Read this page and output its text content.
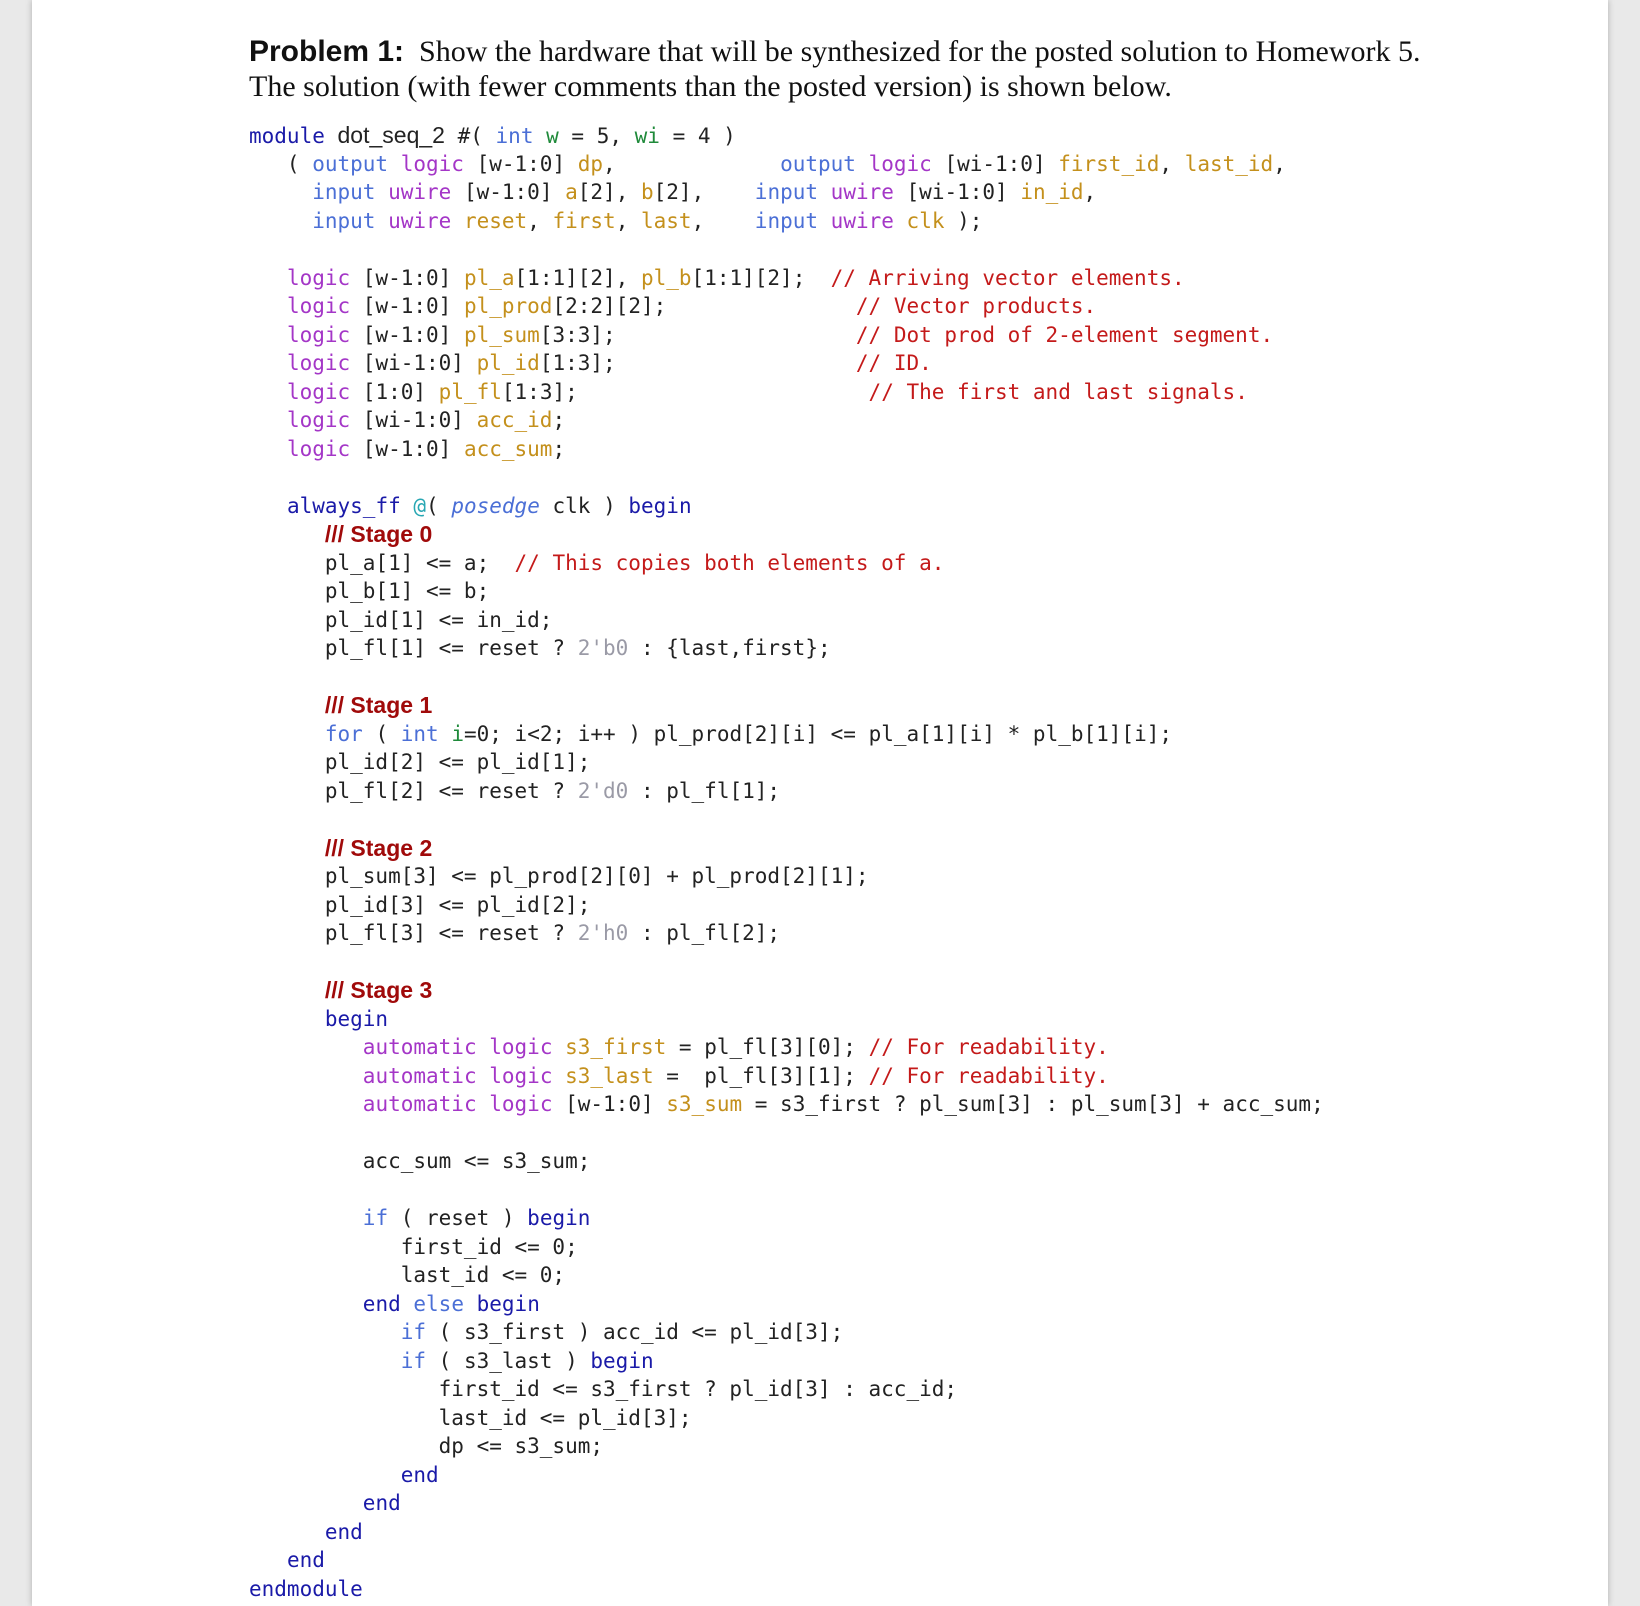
Problem 1: Show the hardware that will be synthesized for the posted solution to Homework 5.
The solution (with fewer comments than the posted version) is shown below.
module dot_seq_2 #( int w = 5, wi = 4 )
( output logic [w-1:0] dp,             output logic [wi-1:0] first_id, last_id,
input uwire [w-1:0] a[2], b[2],    input uwire [wi-1:0] in_id,
input uwire reset, first, last,    input uwire clk );

logic [w-1:0] pl_a[1:1][2], pl_b[1:1][2];  // Arriving vector elements.
logic [w-1:0] pl_prod[2:2][2];               // Vector products.
logic [w-1:0] pl_sum[3:3];                   // Dot prod of 2-element segment.
logic [wi-1:0] pl_id[1:3];                   // ID.
logic [1:0] pl_fl[1:3];                       // The first and last signals.
logic [wi-1:0] acc_id;
logic [w-1:0] acc_sum;

always_ff @( posedge clk ) begin
/// Stage 0
pl_a[1] <= a;  // This copies both elements of a.
pl_b[1] <= b;
pl_id[1] <= in_id;
pl_fl[1] <= reset ? 2'b0 : {last,first};

/// Stage 1
for ( int i=0; i<2; i++ ) pl_prod[2][i] <= pl_a[1][i] * pl_b[1][i];
pl_id[2] <= pl_id[1];
pl_fl[2] <= reset ? 2'd0 : pl_fl[1];

/// Stage 2
pl_sum[3] <= pl_prod[2][0] + pl_prod[2][1];
pl_id[3] <= pl_id[2];
pl_fl[3] <= reset ? 2'h0 : pl_fl[2];

/// Stage 3
begin
automatic logic s3_first = pl_fl[3][0]; // For readability.
automatic logic s3_last =  pl_fl[3][1]; // For readability.
automatic logic [w-1:0] s3_sum = s3_first ? pl_sum[3] : pl_sum[3] + acc_sum;

acc_sum <= s3_sum;

if ( reset ) begin
first_id <= 0;
last_id <= 0;
end else begin
if ( s3_first ) acc_id <= pl_id[3];
if ( s3_last ) begin
first_id <= s3_first ? pl_id[3] : acc_id;
last_id <= pl_id[3];
dp <= s3_sum;
end
end
end
end
endmodule
